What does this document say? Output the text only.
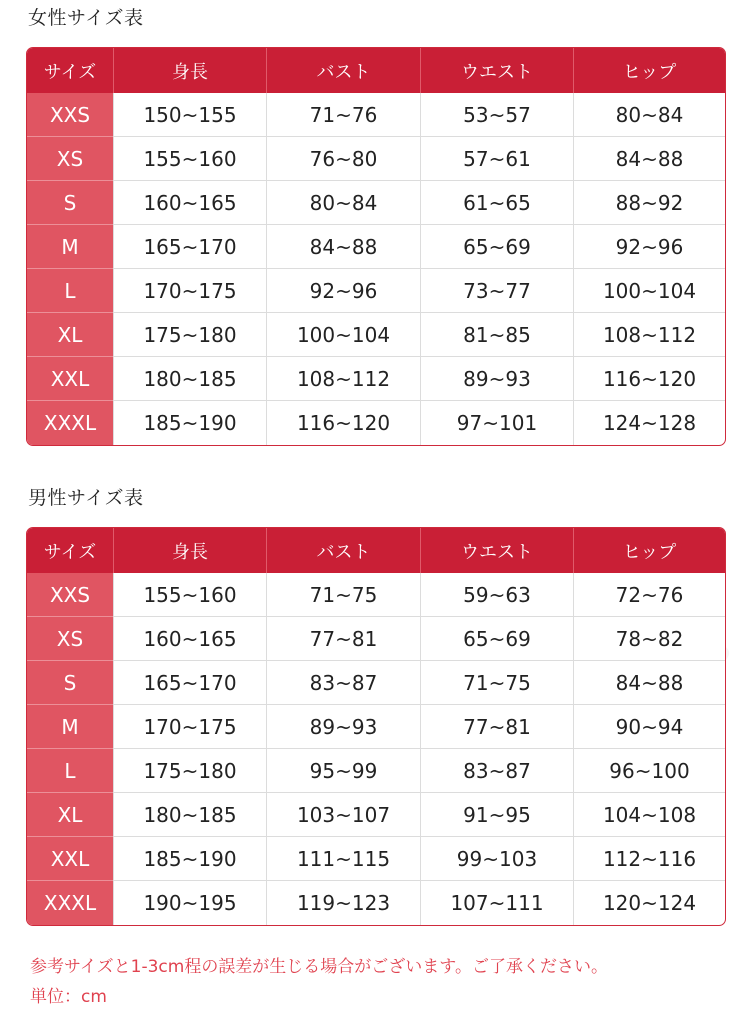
女性サイズ表
サイズ	身長	バスト	ウエスト	ヒップ
XXS	150~155	71~76	53~57	80~84
XS	155~160	76~80	57~61	84~88
S	160~165	80~84	61~65	88~92
M	165~170	84~88	65~69	92~96
L	170~175	92~96	73~77	100~104
XL	175~180	100~104	81~85	108~112
XXL	180~185	108~112	89~93	116~120
XXXL	185~190	116~120	97~101	124~128
男性サイズ表
サイズ	身長	バスト	ウエスト	ヒップ
XXS	155~160	71~75	59~63	72~76
XS	160~165	77~81	65~69	78~82
S	165~170	83~87	71~75	84~88
M	170~175	89~93	77~81	90~94
L	175~180	95~99	83~87	96~100
XL	180~185	103~107	91~95	104~108
XXL	185~190	111~115	99~103	112~116
XXXL	190~195	119~123	107~111	120~124
参考サイズと1-3cm程の誤差が生じる場合がございます。ご了承ください。
単位：cm
